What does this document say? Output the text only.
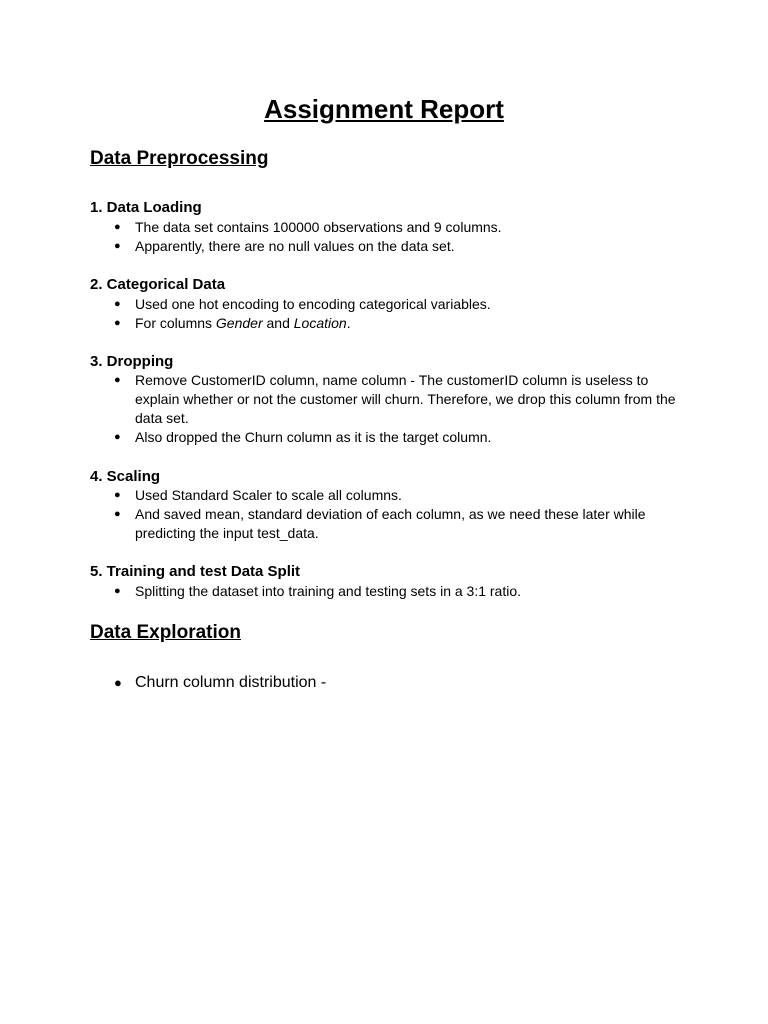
Assignment Report
Data Preprocessing
1. Data Loading
● The data set contains 100000 observations and 9 columns.
● Apparently, there are no null values on the data set.
2. Categorical Data
● Used one hot encoding to encoding categorical variables.
● For columns Gender and Location.
3. Dropping
● Remove CustomerID column, name column - The customerID column is useless to explain whether or not the customer will churn. Therefore, we drop this column from the data set.
● Also dropped the Churn column as it is the target column.
4. Scaling
● Used Standard Scaler to scale all columns.
● And saved mean, standard deviation of each column, as we need these later while predicting the input test_data.
5. Training and test Data Split
● Splitting the dataset into training and testing sets in a 3:1 ratio.
Data Exploration
● Churn column distribution -
